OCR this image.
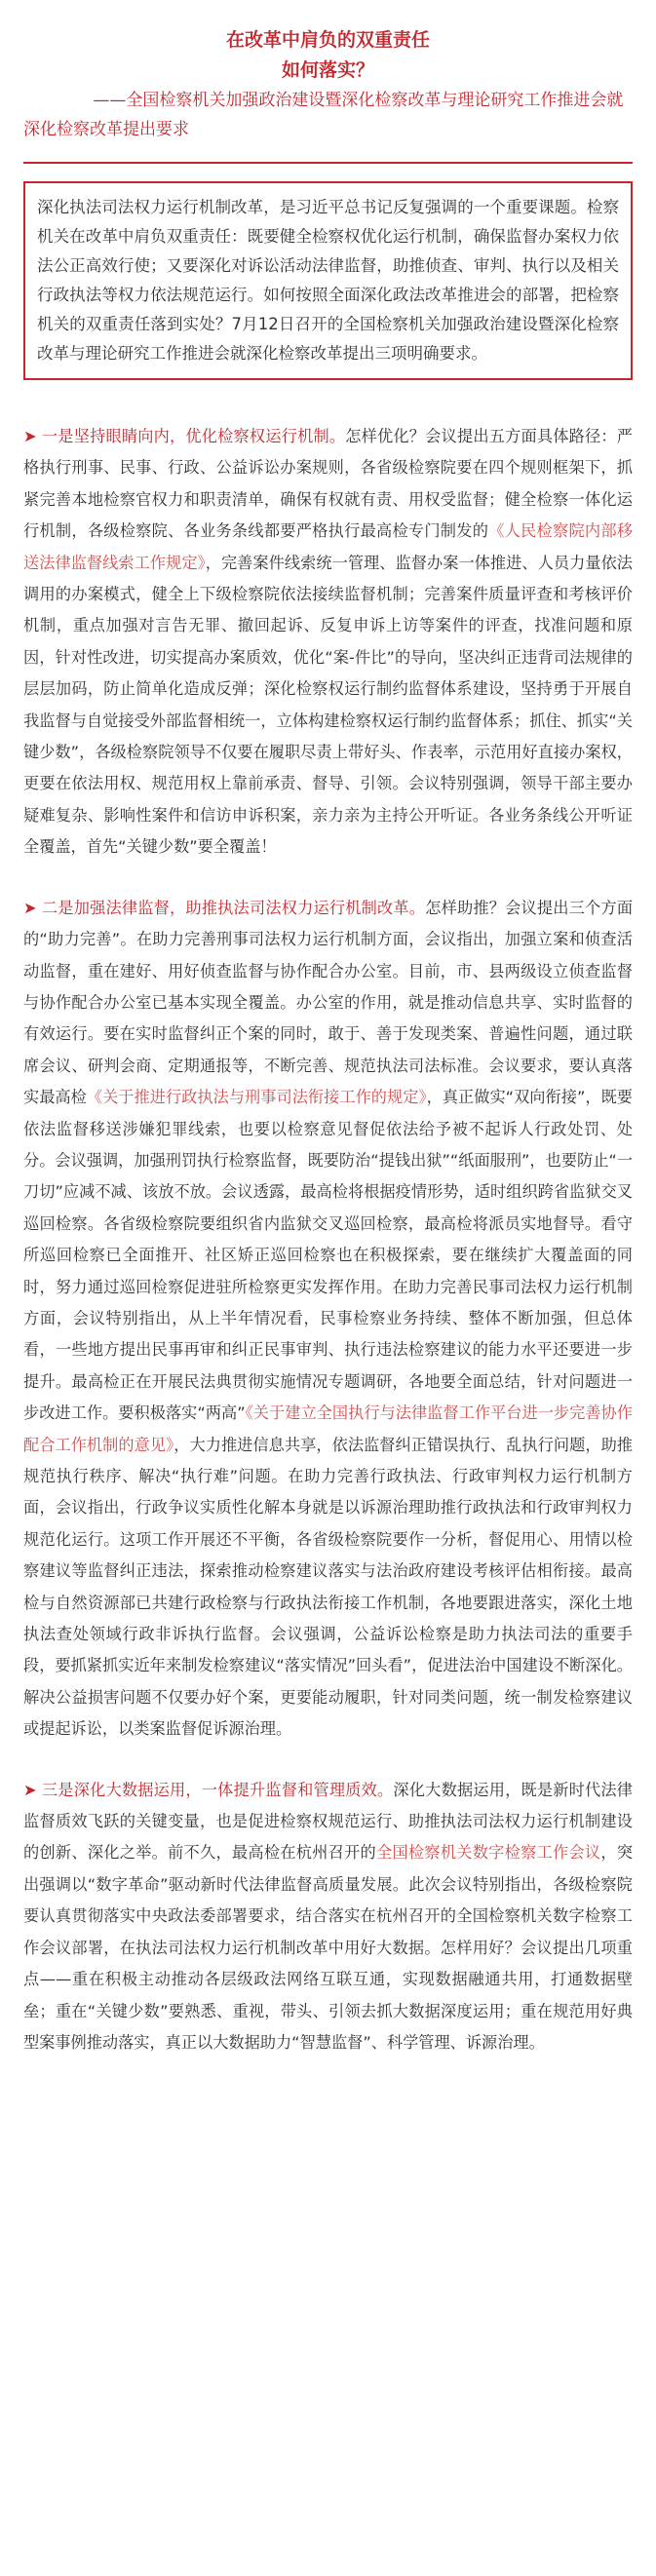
在改革中肩负的双重责任
如何落实？
——全国检察机关加强政治建设暨深化检察改革与理论研究工作推进会就深化检察改革提出要求
深化执法司法权力运行机制改革，是习近平总书记反复强调的一个重要课题。检察机关在改革中肩负双重责任：既要健全检察权优化运行机制，确保监督办案权力依法公正高效行使；又要深化对诉讼活动法律监督，助推侦查、审判、执行以及相关行政执法等权力依法规范运行。如何按照全面深化政法改革推进会的部署，把检察机关的双重责任落到实处？7月12日召开的全国检察机关加强政治建设暨深化检察改革与理论研究工作推进会就深化检察改革提出三项明确要求。
➤ 一是坚持眼睛向内，优化检察权运行机制。怎样优化？会议提出五方面具体路径：严格执行刑事、民事、行政、公益诉讼办案规则，各省级检察院要在四个规则框架下，抓紧完善本地检察官权力和职责清单，确保有权就有责、用权受监督；健全检察一体化运行机制，各级检察院、各业务条线都要严格执行最高检专门制发的《人民检察院内部移送法律监督线索工作规定》，完善案件线索统一管理、监督办案一体推进、人员力量依法调用的办案模式，健全上下级检察院依法接续监督机制；完善案件质量评查和考核评价机制，重点加强对言告无罪、撤回起诉、反复申诉上访等案件的评查，找准问题和原因，针对性改进，切实提高办案质效，优化“案-件比”的导向，坚决纠正违背司法规律的层层加码，防止简单化造成反弹；深化检察权运行制约监督体系建设，坚持勇于开展自我监督与自觉接受外部监督相统一，立体构建检察权运行制约监督体系；抓住、抓实“关键少数”，各级检察院领导不仅要在履职尽责上带好头、作表率，示范用好直接办案权，更要在依法用权、规范用权上靠前承责、督导、引领。会议特别强调，领导干部主要办疑难复杂、影响性案件和信访申诉积案，亲力亲为主持公开听证。各业务条线公开听证全覆盖，首先“关键少数”要全覆盖！
➤ 二是加强法律监督，助推执法司法权力运行机制改革。怎样助推？会议提出三个方面的“助力完善”。在助力完善刑事司法权力运行机制方面，会议指出，加强立案和侦查活动监督，重在建好、用好侦查监督与协作配合办公室。目前，市、县两级设立侦查监督与协作配合办公室已基本实现全覆盖。办公室的作用，就是推动信息共享、实时监督的有效运行。要在实时监督纠正个案的同时，敢于、善于发现类案、普遍性问题，通过联席会议、研判会商、定期通报等，不断完善、规范执法司法标准。会议要求，要认真落实最高检《关于推进行政执法与刑事司法衔接工作的规定》，真正做实“双向衔接”，既要依法监督移送涉嫌犯罪线索，也要以检察意见督促依法给予被不起诉人行政处罚、处分。会议强调，加强刑罚执行检察监督，既要防治“提钱出狱”“纸面服刑”，也要防止“一刀切”应减不减、该放不放。会议透露，最高检将根据疫情形势，适时组织跨省监狱交叉巡回检察。各省级检察院要组织省内监狱交叉巡回检察，最高检将派员实地督导。看守所巡回检察已全面推开、社区矫正巡回检察也在积极探索，要在继续扩大覆盖面的同时，努力通过巡回检察促进驻所检察更实发挥作用。在助力完善民事司法权力运行机制方面，会议特别指出，从上半年情况看，民事检察业务持续、整体不断加强，但总体看，一些地方提出民事再审和纠正民事审判、执行违法检察建议的能力水平还要进一步提升。最高检正在开展民法典贯彻实施情况专题调研，各地要全面总结，针对问题进一步改进工作。要积极落实“两高”《关于建立全国执行与法律监督工作平台进一步完善协作配合工作机制的意见》，大力推进信息共享，依法监督纠正错误执行、乱执行问题，助推规范执行秩序、解决“执行难”问题。在助力完善行政执法、行政审判权力运行机制方面，会议指出，行政争议实质性化解本身就是以诉源治理助推行政执法和行政审判权力规范化运行。这项工作开展还不平衡，各省级检察院要作一分析，督促用心、用情以检察建议等监督纠正违法，探索推动检察建议落实与法治政府建设考核评估相衔接。最高检与自然资源部已共建行政检察与行政执法衔接工作机制，各地要跟进落实，深化土地执法查处领域行政非诉执行监督。会议强调，公益诉讼检察是助力执法司法的重要手段，要抓紧抓实近年来制发检察建议“落实情况”回头看”，促进法治中国建设不断深化。解决公益损害问题不仅要办好个案，更要能动履职，针对同类问题，统一制发检察建议或提起诉讼，以类案监督促诉源治理。
➤ 三是深化大数据运用，一体提升监督和管理质效。深化大数据运用，既是新时代法律监督质效飞跃的关键变量，也是促进检察权规范运行、助推执法司法权力运行机制建设的创新、深化之举。前不久，最高检在杭州召开的全国检察机关数字检察工作会议，突出强调以“数字革命”驱动新时代法律监督高质量发展。此次会议特别指出，各级检察院要认真贯彻落实中央政法委部署要求，结合落实在杭州召开的全国检察机关数字检察工作会议部署，在执法司法权力运行机制改革中用好大数据。怎样用好？会议提出几项重点——重在积极主动推动各层级政法网络互联互通，实现数据融通共用，打通数据壁垒；重在“关键少数”要熟悉、重视，带头、引领去抓大数据深度运用；重在规范用好典型案事例推动落实，真正以大数据助力“智慧监督”、科学管理、诉源治理。
